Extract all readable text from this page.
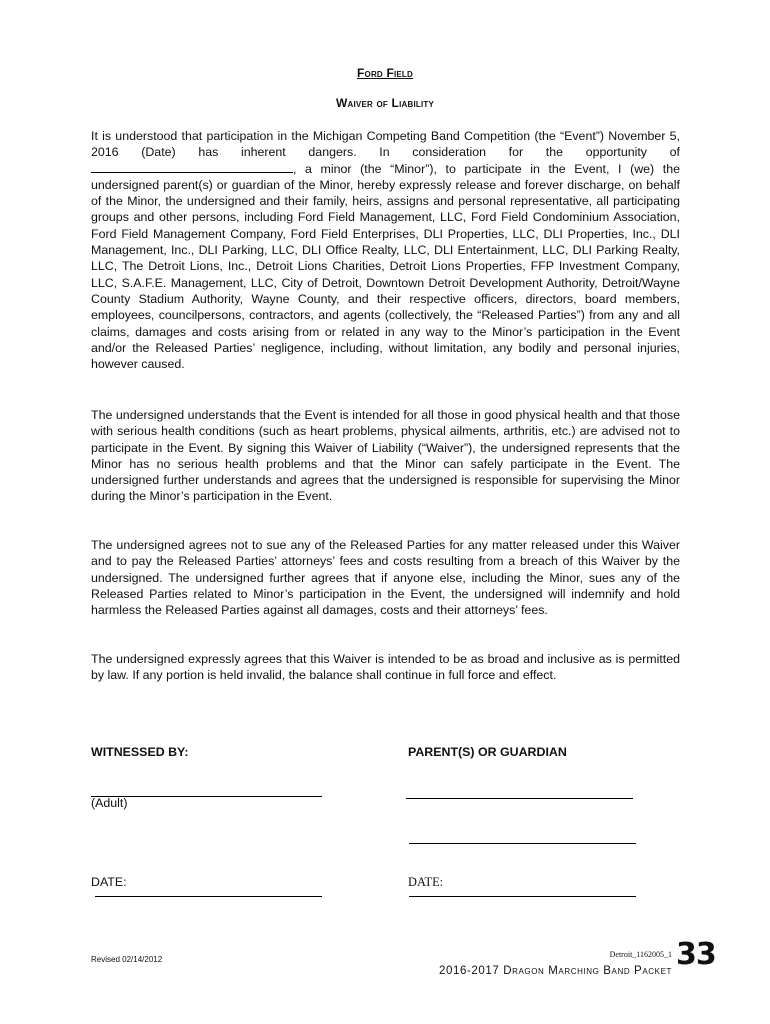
Ford Field
Waiver of Liability

It is understood that participation in the Michigan Competing Band Competition (the “Event”) November 5, 2016 (Date) has inherent dangers. In consideration for the opportunity of , a minor (the “Minor”), to participate in the Event, I (we) the undersigned parent(s) or guardian of the Minor, hereby expressly release and forever discharge, on behalf of the Minor, the undersigned and their family, heirs, assigns and personal representative, all participating groups and other persons, including Ford Field Management, LLC, Ford Field Condominium Association, Ford Field Management Company, Ford Field Enterprises, DLI Properties, LLC, DLI Properties, Inc., DLI Management, Inc., DLI Parking, LLC, DLI Office Realty, LLC, DLI Entertainment, LLC, DLI Parking Realty, LLC, The Detroit Lions, Inc., Detroit Lions Charities, Detroit Lions Properties, FFP Investment Company, LLC, S.A.F.E. Management, LLC, City of Detroit, Downtown Detroit Development Authority, Detroit/Wayne County Stadium Authority, Wayne County, and their respective officers, directors, board members, employees, councilpersons, contractors, and agents (collectively, the “Released Parties”) from any and all claims, damages and costs arising from or related in any way to the Minor’s participation in the Event and/or the Released Parties’ negligence, including, without limitation, any bodily and personal injuries, however caused.

The undersigned understands that the Event is intended for all those in good physical health and that those with serious health conditions (such as heart problems, physical ailments, arthritis, etc.) are advised not to participate in the Event. By signing this Waiver of Liability (“Waiver”), the undersigned represents that the Minor has no serious health problems and that the Minor can safely participate in the Event. The undersigned further understands and agrees that the undersigned is responsible for supervising the Minor during the Minor’s participation in the Event.

The undersigned agrees not to sue any of the Released Parties for any matter released under this Waiver and to pay the Released Parties’ attorneys’ fees and costs resulting from a breach of this Waiver by the undersigned. The undersigned further agrees that if anyone else, including the Minor, sues any of the Released Parties related to Minor’s participation in the Event, the undersigned will indemnify and hold harmless the Released Parties against all damages, costs and their attorneys’ fees.

The undersigned expressly agrees that this Waiver is intended to be as broad and inclusive as is permitted by law. If any portion is held invalid, the balance shall continue in full force and effect.

WITNESSED BY:	PARENT(S) OR GUARDIAN
(Adult)
DATE:	DATE:
Revised 02/14/2012
Detroit_1162005_1
2016-2017 Dragon Marching Band Packet 33
